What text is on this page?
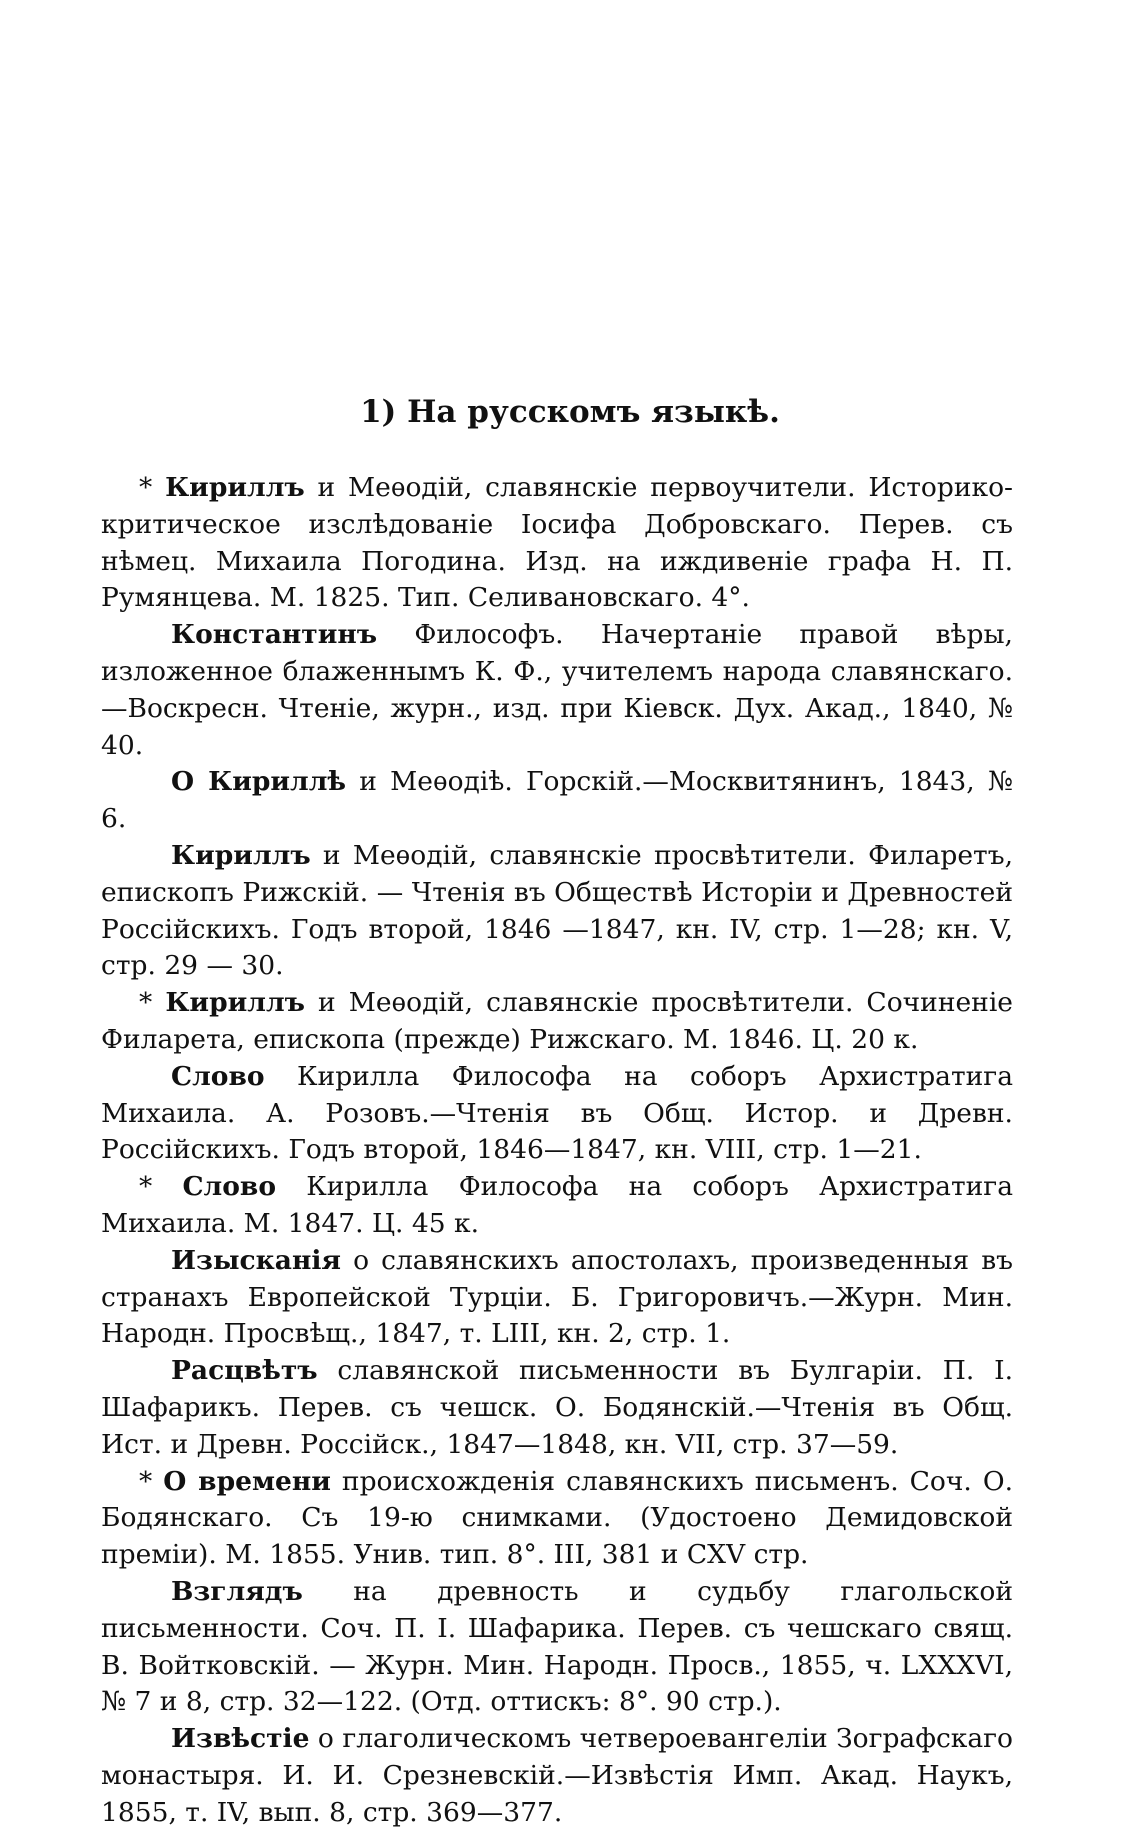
1) На русскомъ языкѣ.

* Кириллъ и Меѳодій, славянскіе первоучители. Историко-критическое изслѣдованіе Іосифа Добровскаго. Перев. съ нѣмец. Михаила Погодина. Изд. на иждивеніе графа Н. П. Румянцева. М. 1825. Тип. Селивановскаго. 4°.

Константинъ Философъ. Начертаніе правой вѣры, изложенное блаженнымъ К. Ф., учителемъ народа славянскаго.—Воскресн. Чтеніе, журн., изд. при Кіевск. Дух. Акад., 1840, № 40.

О Кириллѣ и Меѳодіѣ. Горскій.—Москвитянинъ, 1843, № 6.

Кириллъ и Меѳодій, славянскіе просвѣтители. Филаретъ, епископъ Рижскій. — Чтенія въ Обществѣ Исторіи и Древностей Россійскихъ. Годъ второй, 1846 —1847, кн. IV, стр. 1—28; кн. V, стр. 29 — 30.

* Кириллъ и Меѳодій, славянскіе просвѣтители. Сочиненіе Филарета, епископа (прежде) Рижскаго. М. 1846. Ц. 20 к.

Слово Кирилла Философа на соборъ Архистратига Михаила. А. Розовъ.—Чтенія въ Общ. Истор. и Древн. Россійскихъ. Годъ второй, 1846—1847, кн. VIII, стр. 1—21.

* Слово Кирилла Философа на соборъ Архистратига Михаила. М. 1847. Ц. 45 к.

Изысканія о славянскихъ апостолахъ, произведенныя въ странахъ Европейской Турціи. Б. Григоровичъ.—Журн. Мин. Народн. Просвѣщ., 1847, т. LIII, кн. 2, стр. 1.

Расцвѣтъ славянской письменности въ Булгаріи. П. І. Шафарикъ. Перев. съ чешск. О. Бодянскій.—Чтенія въ Общ. Ист. и Древн. Россійск., 1847—1848, кн. VII, стр. 37—59.

* О времени происхожденія славянскихъ письменъ. Соч. О. Бодянскаго. Съ 19-ю снимками. (Удостоено Демидовской преміи). М. 1855. Унив. тип. 8°. III, 381 и CXV стр.

Взглядъ на древность и судьбу глагольской письменности. Соч. П. І. Шафарика. Перев. съ чешскаго свящ. В. Войтковскій. — Журн. Мин. Народн. Просв., 1855, ч. LXXXVI, № 7 и 8, стр. 32—122. (Отд. оттискъ: 8°. 90 стр.).

Извѣстіе о глаголическомъ четвероевангеліи Зографскаго монастыря. И. И. Срезневскій.—Извѣстія Имп. Акад. Наукъ, 1855, т. IV, вып. 8, стр. 369—377.
